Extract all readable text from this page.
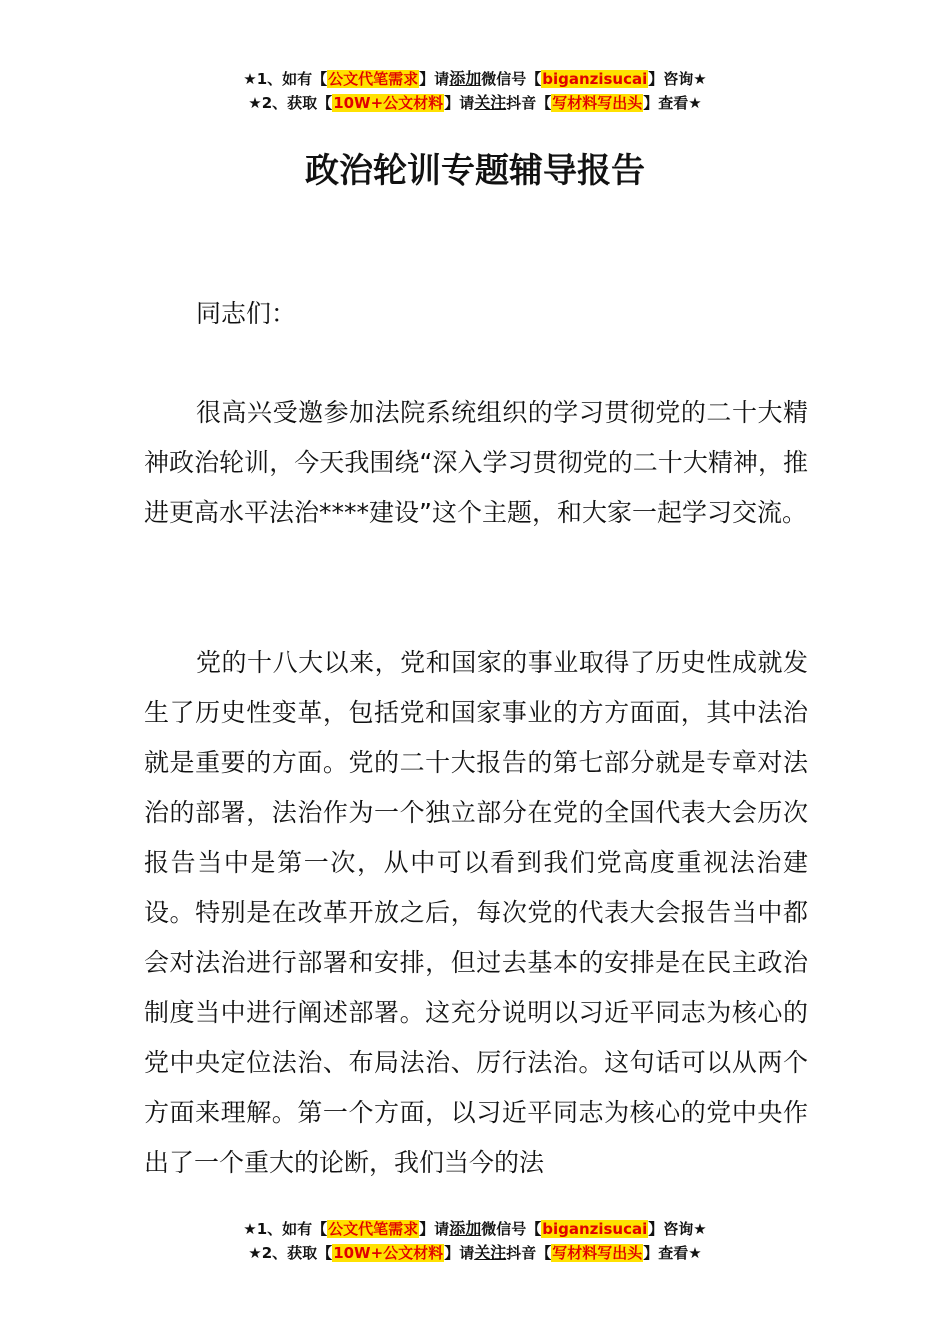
★1、如有【公文代笔需求】请添加微信号【biganzisucai】咨询★
★2、获取【10W+公文材料】请关注抖音【写材料写出头】查看★
政治轮训专题辅导报告

同志们：

很高兴受邀参加法院系统组织的学习贯彻党的二十大精神政治轮训，今天我围绕“深入学习贯彻党的二十大精神，推进更高水平法治****建设”这个主题，和大家一起学习交流。

党的十八大以来，党和国家的事业取得了历史性成就发生了历史性变革，包括党和国家事业的方方面面，其中法治就是重要的方面。党的二十大报告的第七部分就是专章对法治的部署，法治作为一个独立部分在党的全国代表大会历次报告当中是第一次，从中可以看到我们党高度重视法治建设。特别是在改革开放之后，每次党的代表大会报告当中都会对法治进行部署和安排，但过去基本的安排是在民主政治制度当中进行阐述部署。这充分说明以习近平同志为核心的党中央定位法治、布局法治、厉行法治。这句话可以从两个方面来理解。第一个方面，以习近平同志为核心的党中央作出了一个重大的论断，我们当今的法

★1、如有【公文代笔需求】请添加微信号【biganzisucai】咨询★
★2、获取【10W+公文材料】请关注抖音【写材料写出头】查看★
